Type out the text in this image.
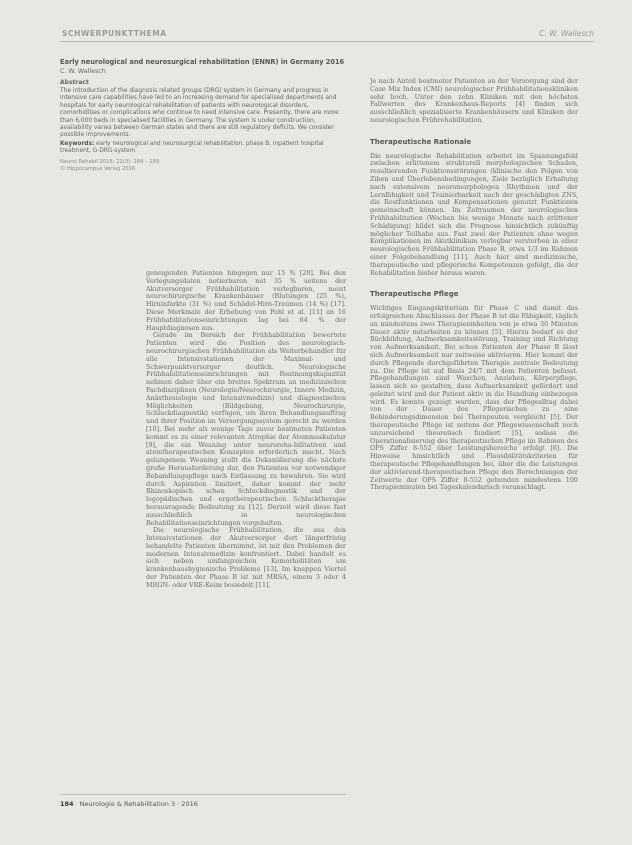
SCHWERPUNKTTHEMA	C. W. Wallesch
Early neurological and neurosurgical rehabilitation (ENNR) in Germany 2016
C. W. Wallesch
Abstract
The introduction of the diagnosis related groups (DRG) system in Germany and progress in intensive care capabilities have led to an increasing demand for specialised departments and hospitals for early neurological rehabilitation of patients with neurological disorders, comorbidities or complications who continue to need intensive care. Presently, there are more than 6,000 beds in specialised facilities in Germany. The system is under construction, availability varies between German states and there are still regulatory deficits. We consider possible improvements.
Keywords: early neurological and neurosurgical rehabilitation, phase B, inpatient hospital treatment, G-DRG-system
Neurol Rehabil 2016; 22(3): 184 – 189
© Hippocampus Verlag 2016

geneigenden Patienten hingegen nur 15 % [20]. Bei den Verlegungsdaten notierbaren mit 35 % seitens der Akutversorger Frühhabilitation verlegbaren, meist neurochirurgische Krankenhäuser (Blutungen (25 %), Hirninfarkte (31 %) und Schädel-Hirn-Traumen (14 %) [17]. Diese Merkmale der Erhebung von Pohl et al. [11] an 16 Frühhabilitationseinrichtungen lag bei 64 % der Hauptdiagnosen aus.

Gerade im Bereich der Frühhabilitation bewertete Patienten wird die Position des neurologisch-neurochirurgischen Frühhabilitation als Weiterbehandler für alle Intensivstationen der Maximal- und Schwerpunktversorger deutlich. Neurologische Frühhabilitationseinrichtungen mit Beatmungskapazität nehmen daher über ein breites Spektrum an medizinischen Fachdisziplinen (Neurologie/Neurochirurgie, Innere Medizin, Anästhesiologie und Intensivmedizin) und diagnostischen Möglichkeiten (Bildgebung, Neurochirurgie, Schluckdiagnostik) verfügen, um ihren Behandlungsauftrag und ihrer Position im Versorgungssystem gerecht zu werden [10]. Bei mehr als wenige Tage zuvor beatmeten Patienten kommt es zu einer relevanten Atrophie der Atemmuskulatur [9], die ein Weaning unter neuroreha-bilitativen und atemtherapeutischen Konzepten erforderlich macht. Nach gelungenem Weaning stellt die Dekanülierung die nächste große Herausforderung dar, den Patienten vor notwendiger Behandlungspflege nach Entlassung zu bewahren. Sie wird durch Aspiration limitiert, daher kommt der mehr Rhinoskopisch schen Schluckdiagnostik und der logopädischen und ergotherapeutischen Schlucktherapie herausragende Bedeutung zu [12]. Derzeit wird diese fast ausschließlich in neurologischen Rehabilitationseinrichtungen vorgehalten.

Die neurologische Frühhabilitation, die aus den Intensivstationen der Akutversorger dort längerfristig behandelte Patienten übernimmt, ist mit den Problemen der modernen Intensivmedizin konfrontiert. Dabei handelt es sich neben umfangreichen Komorbiditäten um krankenhaushygienische Probleme [13]. Im knappen Viertel der Patienten der Phase B ist mit MRSA, einem 3 oder 4 MRGN- oder VRE-Keim besiedelt [11].

Je nach Anteil beatmeter Patienten an der Versorgung sind der Case Mix Index (CMI) neurologischer Frühhabilitationskliniken sehr hoch. Unter den zehn Kliniken mit den höchsten Fallwerten des Krankenhaus-Reports [4] finden sich ausschließlich spezialisierte Krankenhäusern und Kliniken der neurologischen Frührehabilitation.

Therapeutische Rationale

Die neurologische Rehabilitation arbeitet im Spannungsfeld zwischen erlittenem strukturell morphologischen Schaden, resultierenden Funktionsstörungen (klinische den Folgen von Ziben und Überlebensbedingungen, Ziele bezüglich Erhaltung nach extensivem neuromorphologen Rhythmen und der Lernfähigkeit und Trainierbarkeit nach der geschädigten ZNS, die Restfunktionen und Kompensationen genutzt Funktionen gemeinschaft können. Im Zeitraumen der neurologischen Frühhabilitation (Wochen bis wenige Monate nach erlittener Schädigung) bildet sich die Prognose hinsichtlich zukünftig möglicher Teilhabe aus. Fast zwei der Patienten ohne wegen Komplikationen im Akutklinikum verlegbar verstorben in einer neurologischen Frühhabilitation Phase B, etwa 1/3 im Rahmen einer Folgebehandlung [11]. Auch hier sind medizinische, therapeutische und pflegerische Kompetenzen gefolgt, die der Rehabilitation bisher heraus waren.

Therapeutische Pflege

Wichtiges Eingangskriterium für Phase C und damit das erfolgreichen Abschlusses der Phase B ist die Fähigkeit, täglich an mindestens zwei Therapieeinheiten von je etwa 30 Minuten Dauer aktiv mitarbeiten zu können [5]. Hierzu bedarf es der Rückbildung, Aufmerksamkeitsstörung, Training und Richtung von Aufmerksamkeit. Bei schon Patienten der Phase B lässt sich Aufmerksamkeit nur zeitweise aktivieren. Hier kommt der durch Pflegende durchgeführten Therapie zentrale Bedeutung zu. Die Pflege ist auf Basis 24/7 mit dem Patienten befasst. Pflegehandlungen sind Waschen, Anziehen, Körperpflege, lassen sich so gestalten, dass Aufmerksamkeit gefördert und geleitet wird und der Patient aktiv in die Handlung einbezogen wird. Es konnte gezeigt werden, dass der Pflegealltag dabei von der Dauer des Pflegerischen zu eine Behinderungsdimension bei Therapeuten vergleicht [5]. Der therapeutische Pflege ist seitens der Pflegewissenschaft noch unzureichend theoretisch fundiert [5], sodass die Operationalisierung des therapeutischen Pflege im Rahmen des OPS Ziffer 8-552 über Leistungsbereiche erfolgt [6]. Die Hinweise hinsichtlich und Plausibilitätskriterien für therapeutische Pflegehandlungen bei, über die die Leistungen der aktivierend-therapeutischen Pflege den Berechnungen der Zeitwerte der OPS Ziffer 8-552 gebunden mindestens 100 Therapieminuten bei Tageskalendarisch veranschlagt.

184 Neurologie & Rehabilitation 3 · 2016
